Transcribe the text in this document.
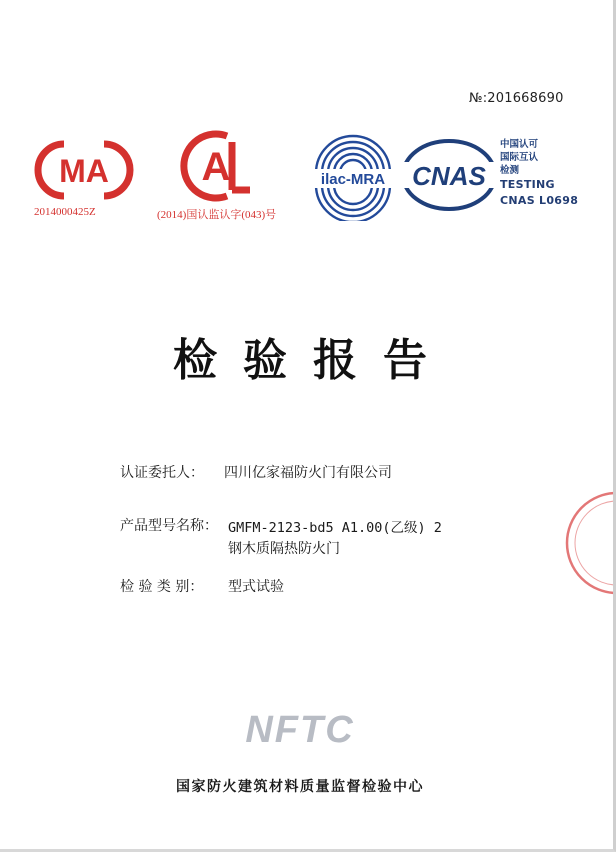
№:201668690
MA
2014000425Z
A
(2014)国认监认字(043)号
ilac-MRA CNAS
中国认可
国际互认
检测
TESTING
CNAS L0698
检验报告
认证委托人： 四川亿家福防火门有限公司
产品型号名称： GMFM-2123-bd5 A1.00(乙级) 2
钢木质隔热防火门
检 验 类 别： 型式试验
NFTC
国家防火建筑材料质量监督检验中心
